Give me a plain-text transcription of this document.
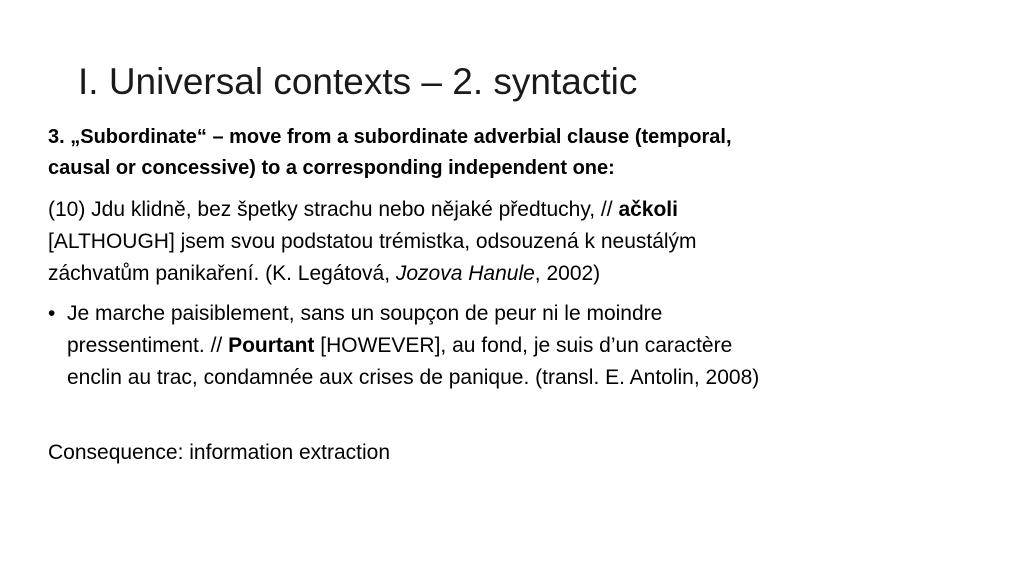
I. Universal contexts – 2. syntactic
3. „Subordinate“ – move from a subordinate adverbial clause (temporal,
causal or concessive) to a corresponding independent one:
(10) Jdu klidně, bez špetky strachu nebo nějaké předtuchy, // ačkoli
[ALTHOUGH] jsem svou podstatou trémistka, odsouzená k neustálým
záchvatům panikaření. (K. Legátová, Jozova Hanule, 2002)
• Je marche paisiblement, sans un soupçon de peur ni le moindre
pressentiment. // Pourtant [HOWEVER], au fond, je suis d’un caractère
enclin au trac, condamnée aux crises de panique. (transl. E. Antolin, 2008)
Consequence: information extraction
